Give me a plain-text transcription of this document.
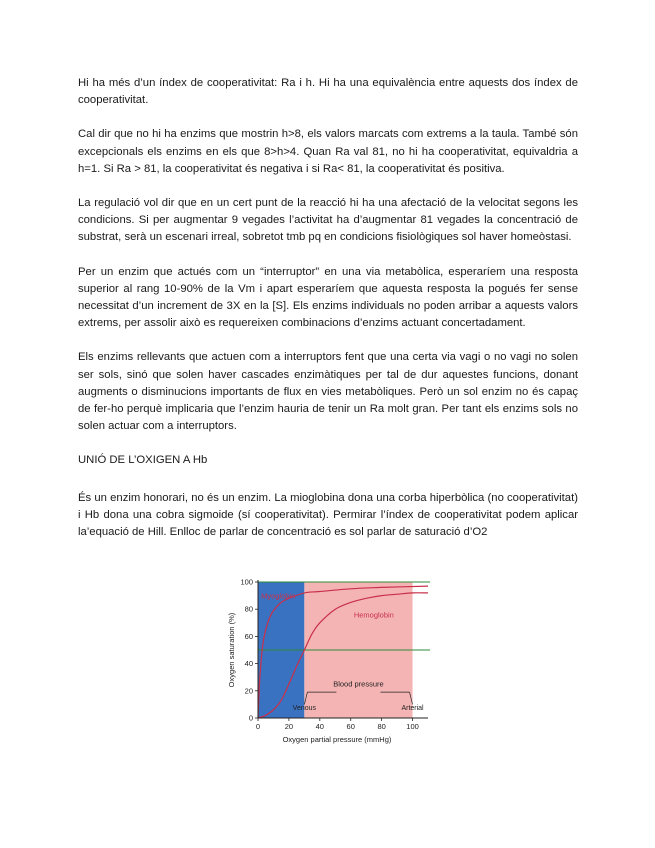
Hi ha més d’un índex de cooperativitat: Ra i h. Hi ha una equivalència entre aquests dos índex de cooperativitat.

Cal dir que no hi ha enzims que mostrin h>8, els valors marcats com extrems a la taula. També són excepcionals els enzims en els que 8>h>4. Quan Ra val 81, no hi ha cooperativitat, equivaldria a h=1. Si Ra > 81, la cooperativitat és negativa i si Ra< 81, la cooperativitat és positiva.

La regulació vol dir que en un cert punt de la reacció hi ha una afectació de la velocitat segons les condicions. Si per augmentar 9 vegades l’activitat ha d’augmentar 81 vegades la concentració de substrat, serà un escenari irreal, sobretot tmb pq en condicions fisiològiques sol haver homeòstasi.

Per un enzim que actués com un “interruptor” en una via metabòlica, esperaríem una resposta superior al rang 10-90% de la Vm i apart esperaríem que aquesta resposta la pogués fer sense necessitat d’un increment de 3X en la [S]. Els enzims individuals no poden arribar a aquests valors extrems, per assolir això es requereixen combinacions d’enzims actuant concertadament.

Els enzims rellevants que actuen com a interruptors fent que una certa via vagi o no vagi no solen ser sols, sinó que solen haver cascades enzimàtiques per tal de dur aquestes funcions, donant augments o disminucions importants de flux en vies metabòliques. Però un sol enzim no és capaç de fer-ho perquè implicaria que l’enzim hauria de tenir un Ra molt gran. Per tant els enzims sols no solen actuar com a interruptors.

UNIÓ DE L’OXIGEN A Hb

És un enzim honorari, no és un enzim. La mioglobina dona una corba hiperbòlica (no cooperativitat) i Hb dona una cobra sigmoide (sí cooperativitat). Permirar l’índex de cooperativitat podem aplicar la’equació de Hill. Enlloc de parlar de concentració es sol parlar de saturació d’O2

0
20
40
60
80
100
0	20	40	60	80	100
Myoglobin
Hemoglobin
Blood pressure
Venous	Arterial
Oxygen partial pressure (mmHg)
Oxygen saturation (%)
